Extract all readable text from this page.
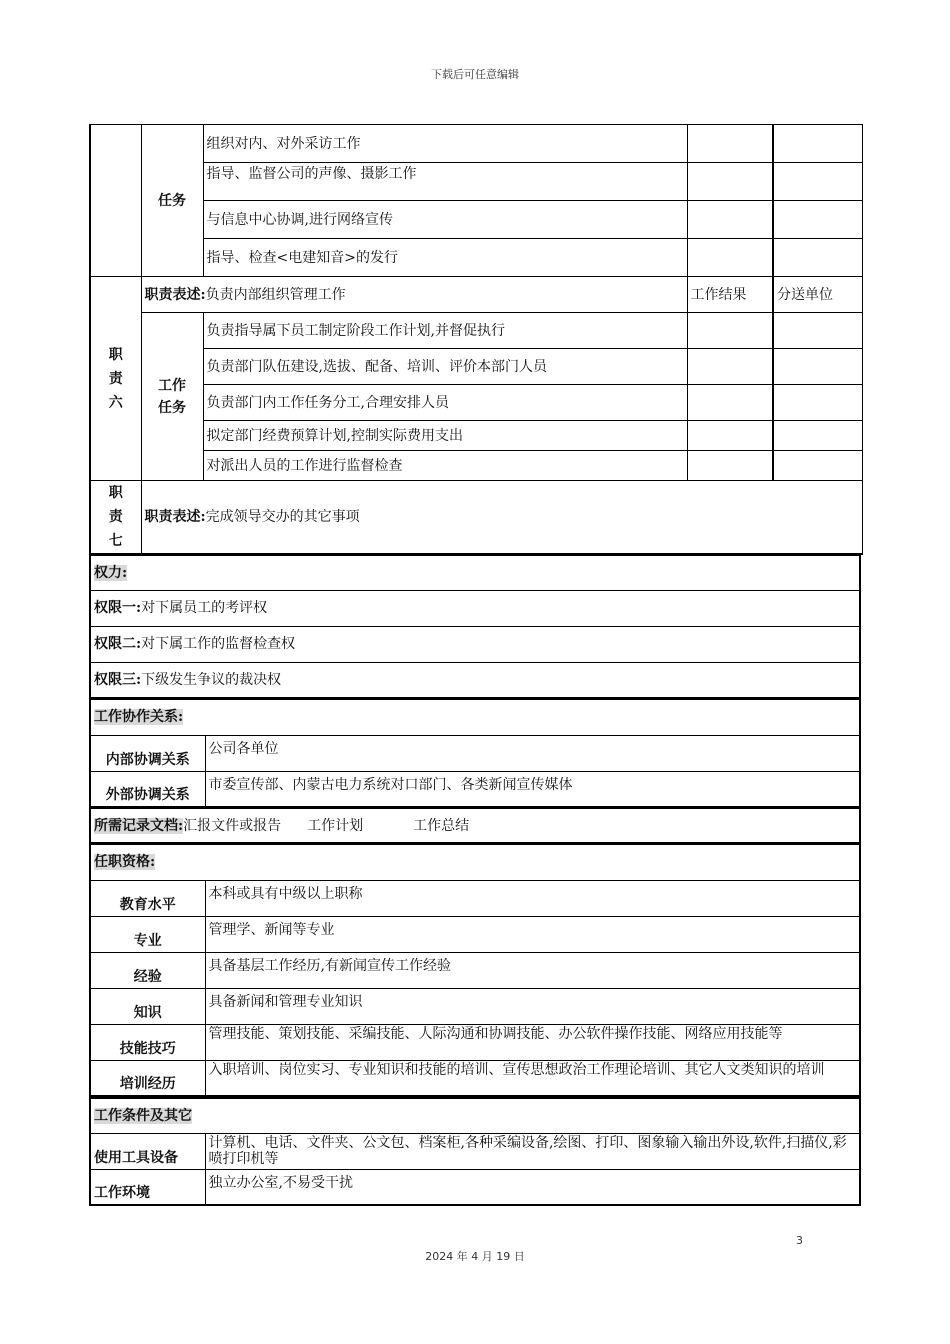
下载后可任意编辑
	任务	组织对内、对外采访工作		
		指导、监督公司的声像、摄影工作		
		与信息中心协调,进行网络宣传		
		指导、检查<电建知音>的发行		
职
责
六	职责表述:负责内部组织管理工作		工作结果	分送单位
	工作
任务	负责指导属下员工制定阶段工作计划,并督促执行		
		负责部门队伍建设,选拔、配备、培训、评价本部门人员		
		负责部门内工作任务分工,合理安排人员		
		拟定部门经费预算计划,控制实际费用支出		
		对派出人员的工作进行监督检查		
职
责
七	职责表述:完成领导交办的其它事项			
权力:
权限一:对下属员工的考评权
权限二:对下属工作的监督检查权
权限三:下级发生争议的裁决权
工作协作关系:	
内部协调关系	公司各单位
外部协调关系	市委宣传部、内蒙古电力系统对口部门、各类新闻宣传媒体
所需记录文档:汇报文件或报告 工作计划	工作总结
任职资格:	
教育水平	本科或具有中级以上职称
专业	管理学、新闻等专业
经验	具备基层工作经历,有新闻宣传工作经验
知识	具备新闻和管理专业知识
技能技巧	管理技能、策划技能、采编技能、人际沟通和协调技能、办公软件操作技能、网络应用技能等
培训经历	入职培训、岗位实习、专业知识和技能的培训、宣传思想政治工作理论培训、其它人文类知识的培训
工作条件及其它	
使用工具设备	计算机、电话、文件夹、公文包、档案柜,各种采编设备,绘图、打印、图象输入输出外设,软件,扫描仪,彩喷打印机等
工作环境	独立办公室,不易受干扰
3
2024 年 4 月 19 日
